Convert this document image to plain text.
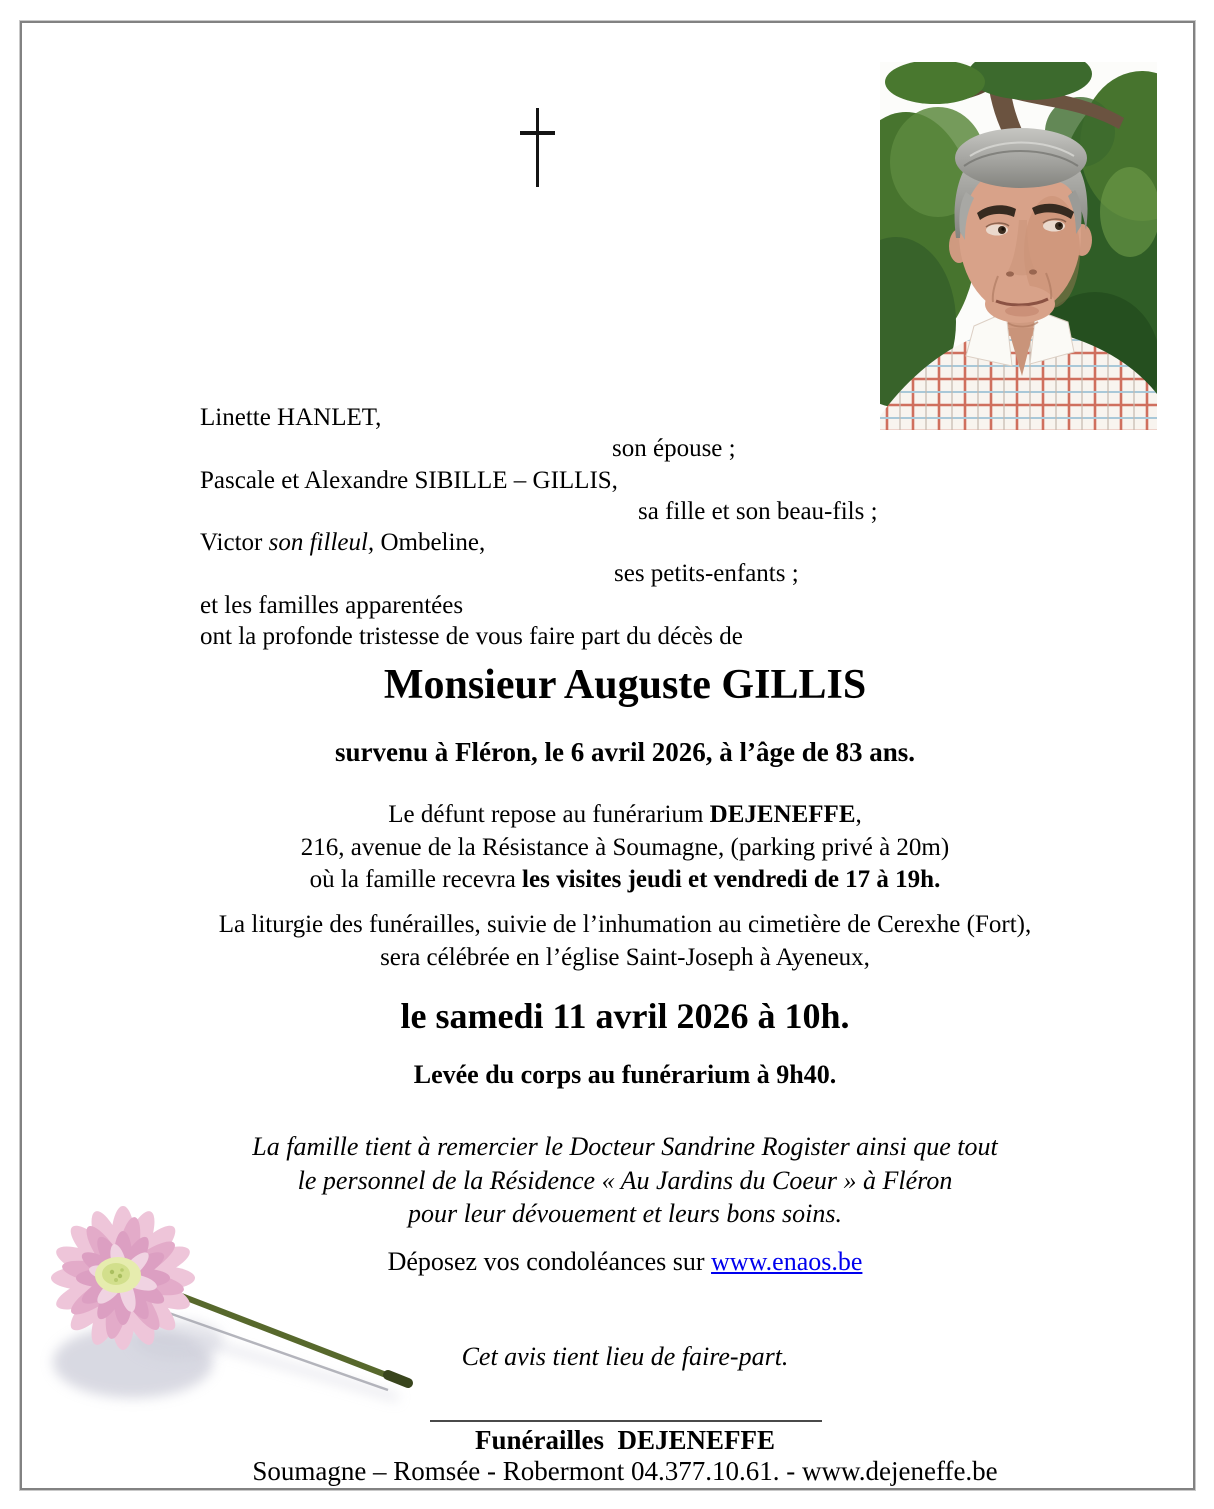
Linette HANLET,
son épouse ;
Pascale et Alexandre SIBILLE – GILLIS,
sa fille et son beau-fils ;
Victor son filleul, Ombeline,
ses petits-enfants ;
et les familles apparentées
ont la profonde tristesse de vous faire part du décès de
Monsieur Auguste GILLIS
survenu à Fléron, le 6 avril 2026, à l’âge de 83 ans.
Le défunt repose au funérarium DEJENEFFE,
216, avenue de la Résistance à Soumagne, (parking privé à 20m)
où la famille recevra les visites jeudi et vendredi de 17 à 19h.
La liturgie des funérailles, suivie de l’inhumation au cimetière de Cerexhe (Fort),
sera célébrée en l’église Saint-Joseph à Ayeneux,
le samedi 11 avril 2026 à 10h.
Levée du corps au funérarium à 9h40.
La famille tient à remercier le Docteur Sandrine Rogister ainsi que tout
le personnel de la Résidence « Au Jardins du Coeur » à Fléron
pour leur dévouement et leurs bons soins.
Déposez vos condoléances sur www.enaos.be
Cet avis tient lieu de faire-part.
Funérailles  DEJENEFFE
Soumagne – Romsée - Robermont 04.377.10.61. - www.dejeneffe.be
